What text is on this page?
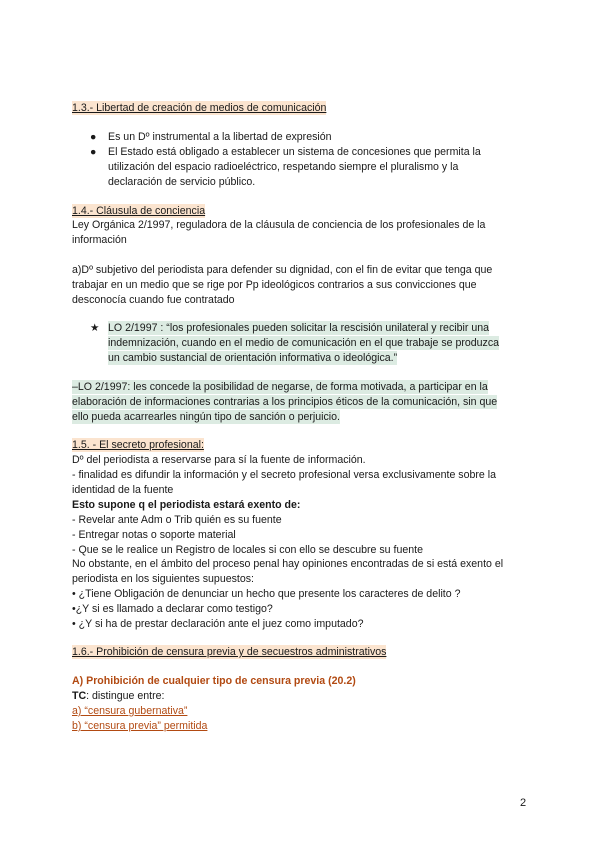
1.3.- Libertad de creación de medios de comunicación
● Es un Dº instrumental a la libertad de expresión
● El Estado está obligado a establecer un sistema de concesiones que permita la
utilización del espacio radioeléctrico, respetando siempre el pluralismo y la
declaración de servicio público.
1.4.- Cláusula de conciencia
Ley Orgánica 2/1997, reguladora de la cláusula de conciencia de los profesionales de la
información
a)Dº subjetivo del periodista para defender su dignidad, con el fin de evitar que tenga que
trabajar en un medio que se rige por Pp ideológicos contrarios a sus convicciones que
desconocía cuando fue contratado
★ LO 2/1997 : “los profesionales pueden solicitar la rescisión unilateral y recibir una
indemnización, cuando en el medio de comunicación en el que trabaje se produzca
un cambio sustancial de orientación informativa o ideológica.”
–LO 2/1997: les concede la posibilidad de negarse, de forma motivada, a participar en la
elaboración de informaciones contrarias a los principios éticos de la comunicación, sin que
ello pueda acarrearles ningún tipo de sanción o perjuicio.
1.5. - El secreto profesional:
Dº del periodista a reservarse para sí la fuente de información.
- finalidad es difundir la información y el secreto profesional versa exclusivamente sobre la
identidad de la fuente
Esto supone q el periodista estará exento de:
- Revelar ante Adm o Trib quién es su fuente
- Entregar notas o soporte material
- Que se le realice un Registro de locales si con ello se descubre su fuente
No obstante, en el ámbito del proceso penal hay opiniones encontradas de si está exento el
periodista en los siguientes supuestos:
• ¿Tiene Obligación de denunciar un hecho que presente los caracteres de delito ?
•¿Y si es llamado a declarar como testigo?
• ¿Y si ha de prestar declaración ante el juez como imputado?
1.6.- Prohibición de censura previa y de secuestros administrativos
A) Prohibición de cualquier tipo de censura previa (20.2)
TC: distingue entre:
a) “censura gubernativa”
b) “censura previa” permitida
2
